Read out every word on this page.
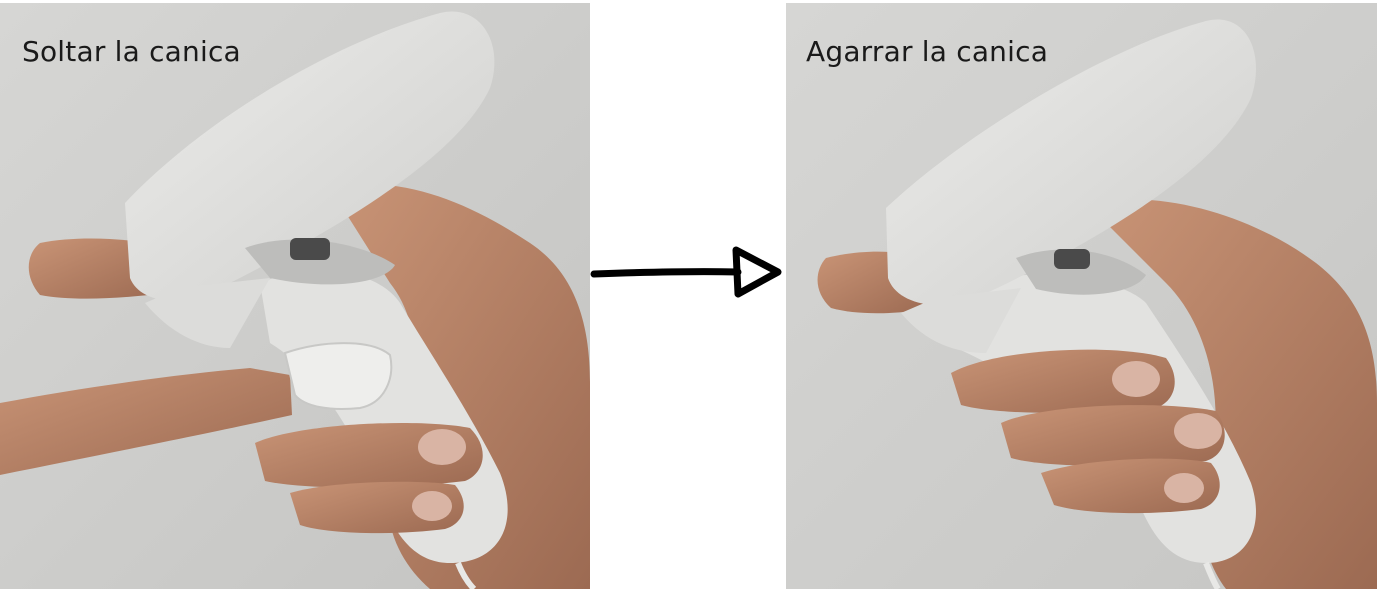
Soltar la canica	Agarrar la canica
